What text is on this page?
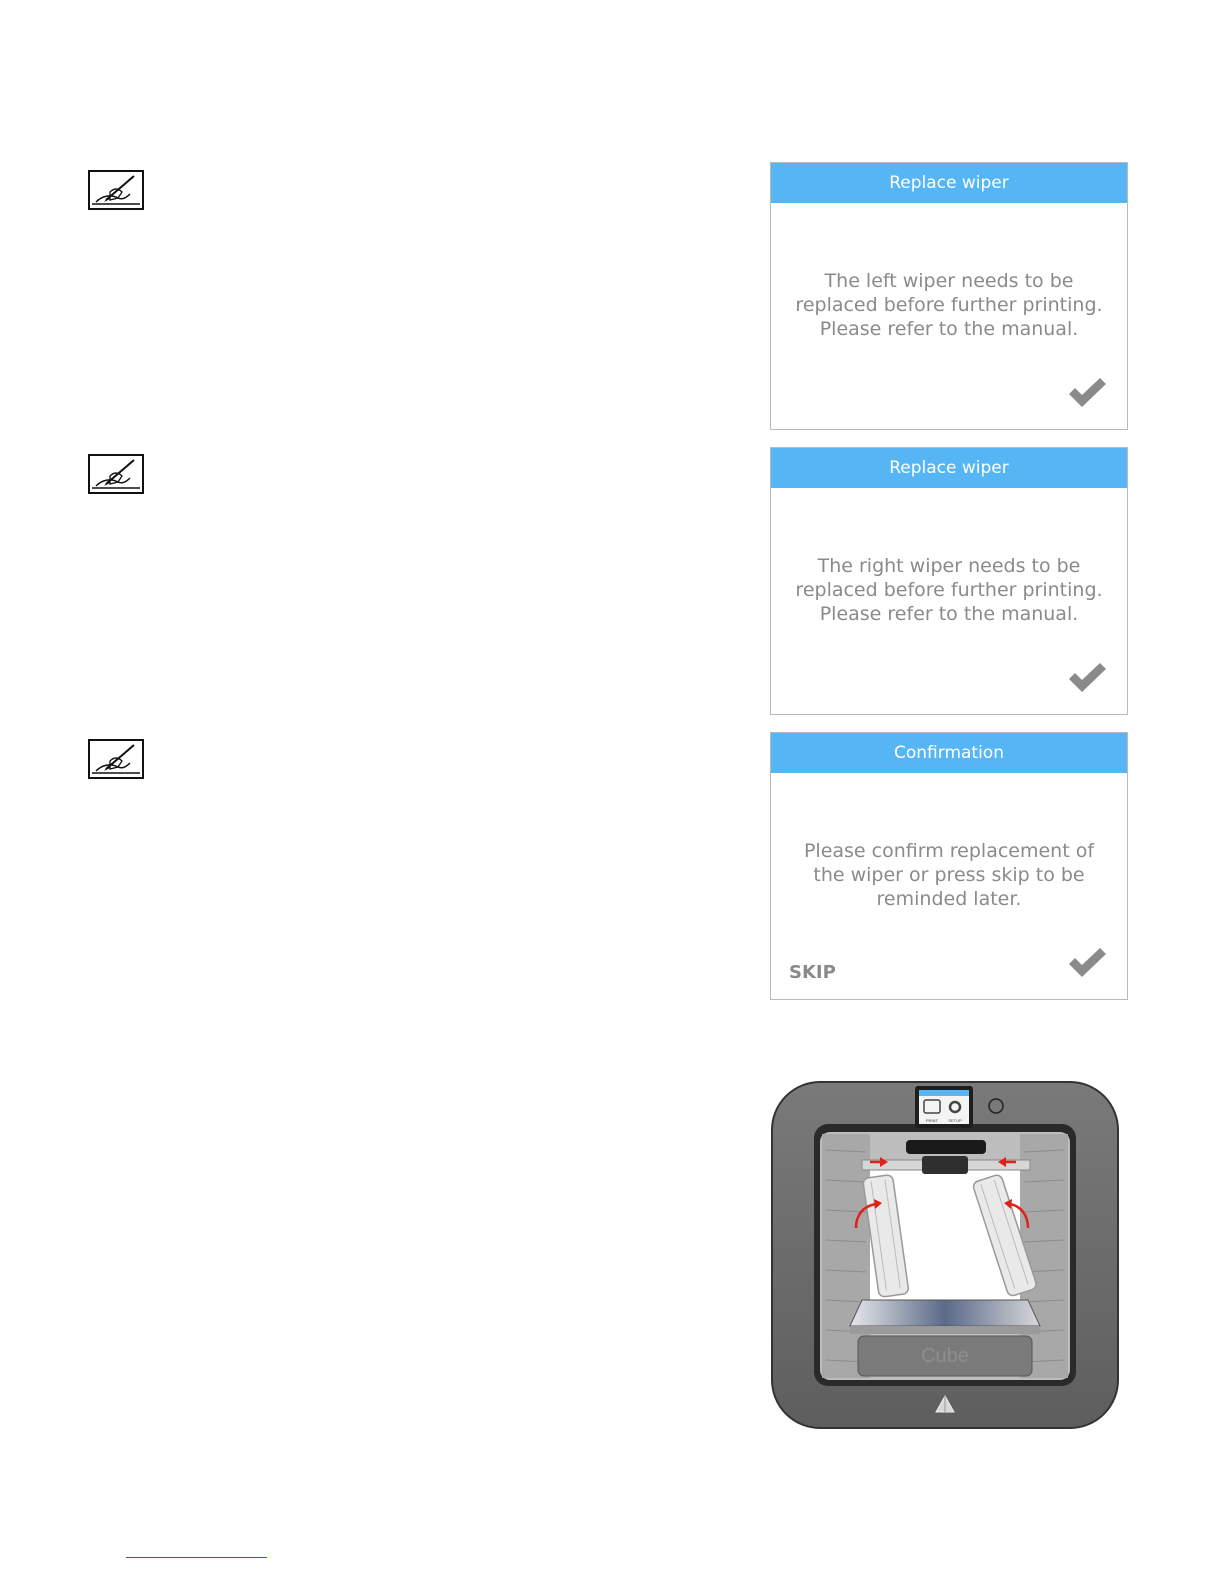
Replace wiper
The left wiper needs to be
replaced before further printing.
Please refer to the manual.
Replace wiper
The right wiper needs to be
replaced before further printing.
Please refer to the manual.
Confirmation
Please confirm replacement of
the wiper or press skip to be
reminded later.
SKIP
Cube
PRINT	SETUP
